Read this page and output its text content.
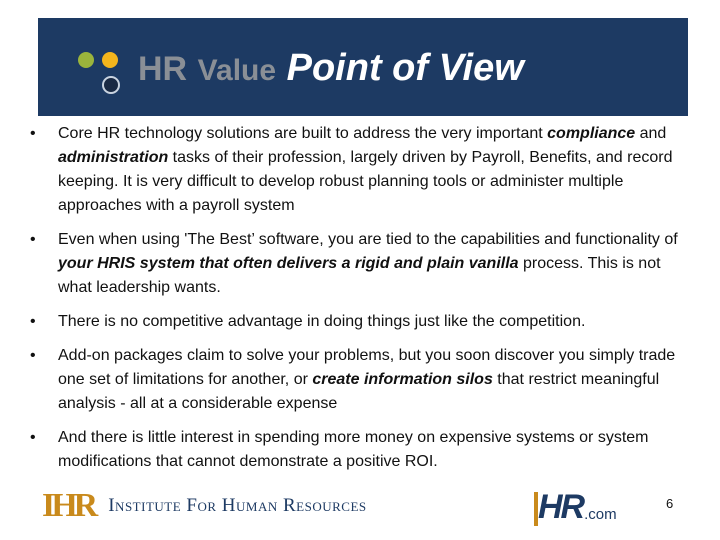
HR Value Point of View
• Core HR technology solutions are built to address the very important compliance and administration tasks of their profession, largely driven by Payroll, Benefits, and record keeping. It is very difficult to develop robust planning tools or administer multiple approaches with a payroll system
• Even when using 'The Best’ software, you are tied to the capabilities and functionality of your HRIS system that often delivers a rigid and plain vanilla process. This is not what leadership wants.
• There is no competitive advantage in doing things just like the competition.
• Add-on packages claim to solve your problems, but you soon discover you simply trade one set of limitations for another, or create information silos that restrict meaningful analysis - all at a considerable expense
• And there is little interest in spending more money on expensive systems or system modifications that cannot demonstrate a positive ROI.
IHR Institute For Human Resources	HR .com
6
